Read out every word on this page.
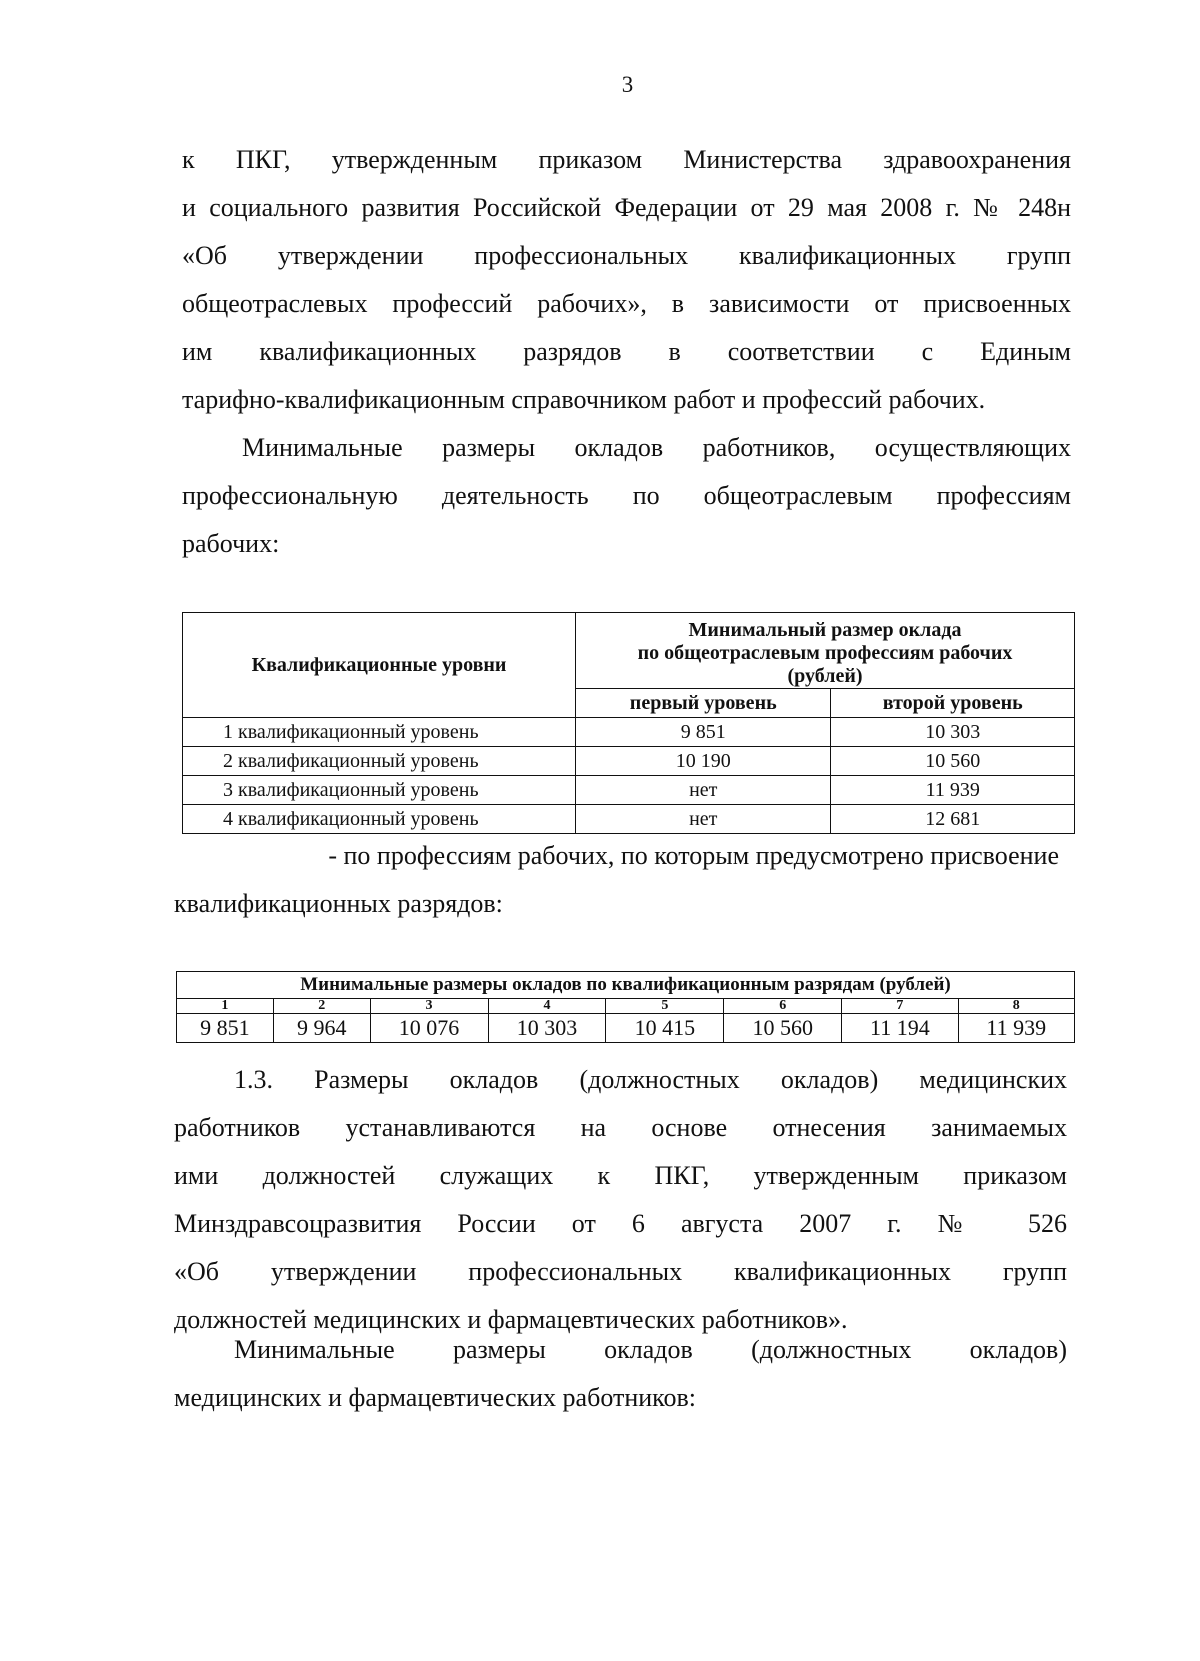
3
к ПКГ, утвержденным приказом Министерства здравоохранения
и социального развития Российской Федерации от 29 мая 2008 г. № 248н
«Об утверждении профессиональных квалификационных групп
общеотраслевых профессий рабочих», в зависимости от присвоенных
им квалификационных разрядов в соответствии с Единым
тарифно-квалификационным справочником работ и профессий рабочих.
Минимальные размеры окладов работников, осуществляющих
профессиональную деятельность по общеотраслевым профессиям
рабочих:
Квалификационные уровни	Минимальный размер оклада
по общеотраслевым профессиям рабочих
(рублей)	

	первый уровень	второй уровень
1 квалификационный уровень	9 851	10 303
2 квалификационный уровень	10 190	10 560
3 квалификационный уровень	нет	11 939
4 квалификационный уровень	нет	12 681
- по профессиям рабочих, по которым предусмотрено присвоение
квалификационных разрядов:
Минимальные размеры окладов по квалификационным разрядам (рублей)							
1	2	3	4	5	6	7	8
9 851	9 964	10 076	10 303	10 415	10 560	11 194	11 939
1.3. Размеры окладов (должностных окладов) медицинских
работников устанавливаются на основе отнесения занимаемых
ими должностей служащих к ПКГ, утвержденным приказом
Минздравсоцразвития России от 6 августа 2007 г. № 526
«Об утверждении профессиональных квалификационных групп
должностей медицинских и фармацевтических работников».
Минимальные размеры окладов (должностных окладов)
медицинских и фармацевтических работников:
